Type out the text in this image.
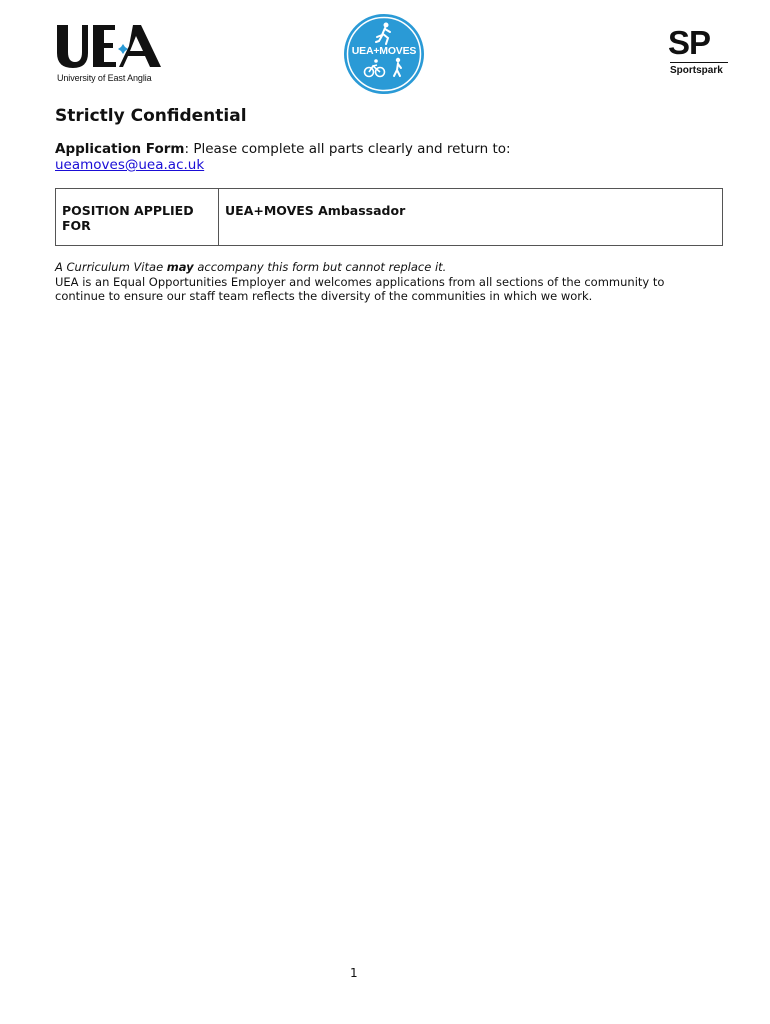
University of East Anglia
UEA+MOVES	SP
Sportspark
Strictly Confidential

Application Form: Please complete all parts clearly and return to:
ueamoves@uea.ac.uk

POSITION APPLIED FOR	UEA+MOVES Ambassador

A Curriculum Vitae may accompany this form but cannot replace it.
UEA is an Equal Opportunities Employer and welcomes applications from all sections of the community to continue to ensure our staff team reflects the diversity of the communities in which we work.

1
